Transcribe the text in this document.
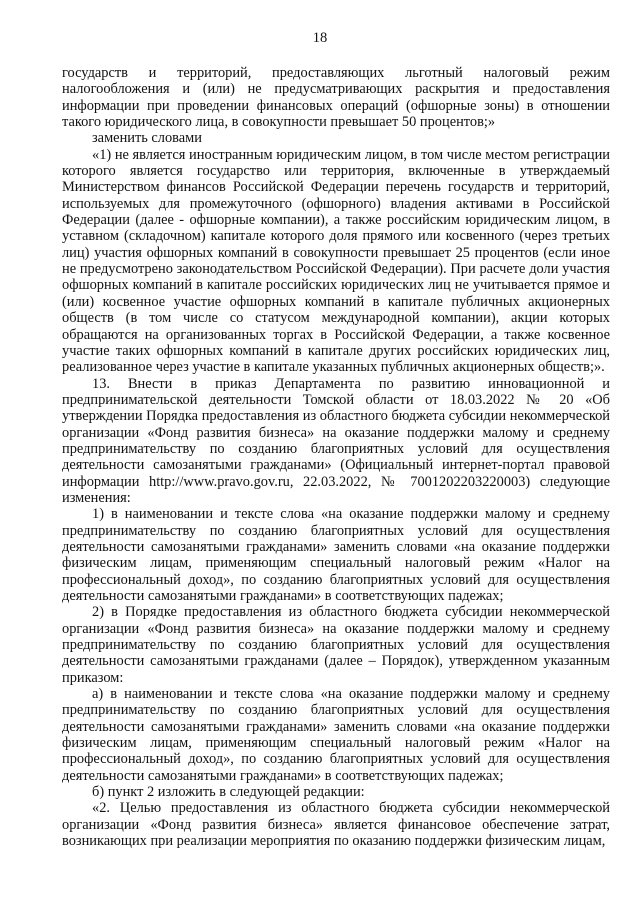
18

государств и территорий, предоставляющих льготный налоговый режим налогообложения и (или) не предусматривающих раскрытия и предоставления информации при проведении финансовых операций (офшорные зоны) в отношении такого юридического лица, в совокупности превышает 50 процентов;»

заменить словами

«1) не является иностранным юридическим лицом, в том числе местом регистрации которого является государство или территория, включенные в утверждаемый Министерством финансов Российской Федерации перечень государств и территорий, используемых для промежуточного (офшорного) владения активами в Российской Федерации (далее - офшорные компании), а также российским юридическим лицом, в уставном (складочном) капитале которого доля прямого или косвенного (через третьих лиц) участия офшорных компаний в совокупности превышает 25 процентов (если иное не предусмотрено законодательством Российской Федерации). При расчете доли участия офшорных компаний в капитале российских юридических лиц не учитывается прямое и (или) косвенное участие офшорных компаний в капитале публичных акционерных обществ (в том числе со статусом международной компании), акции которых обращаются на организованных торгах в Российской Федерации, а также косвенное участие таких офшорных компаний в капитале других российских юридических лиц, реализованное через участие в капитале указанных публичных акционерных обществ;».

13. Внести в приказ Департамента по развитию инновационной и предпринимательской деятельности Томской области от 18.03.2022 № 20 «Об утверждении Порядка предоставления из областного бюджета субсидии некоммерческой организации «Фонд развития бизнеса» на оказание поддержки малому и среднему предпринимательству по созданию благоприятных условий для осуществления деятельности самозанятыми гражданами» (Официальный интернет-портал правовой информации http://www.pravo.gov.ru, 22.03.2022, № 7001202203220003) следующие изменения:

1) в наименовании и тексте слова «на оказание поддержки малому и среднему предпринимательству по созданию благоприятных условий для осуществления деятельности самозанятыми гражданами» заменить словами «на оказание поддержки физическим лицам, применяющим специальный налоговый режим «Налог на профессиональный доход», по созданию благоприятных условий для осуществления деятельности самозанятыми гражданами» в соответствующих падежах;

2) в Порядке предоставления из областного бюджета субсидии некоммерческой организации «Фонд развития бизнеса» на оказание поддержки малому и среднему предпринимательству по созданию благоприятных условий для осуществления деятельности самозанятыми гражданами (далее – Порядок), утвержденном указанным приказом:

а) в наименовании и тексте слова «на оказание поддержки малому и среднему предпринимательству по созданию благоприятных условий для осуществления деятельности самозанятыми гражданами» заменить словами «на оказание поддержки физическим лицам, применяющим специальный налоговый режим «Налог на профессиональный доход», по созданию благоприятных условий для осуществления деятельности самозанятыми гражданами» в соответствующих падежах;

б) пункт 2 изложить в следующей редакции:

«2. Целью предоставления из областного бюджета субсидии некоммерческой организации «Фонд развития бизнеса» является финансовое обеспечение затрат, возникающих при реализации мероприятия по оказанию поддержки физическим лицам,
